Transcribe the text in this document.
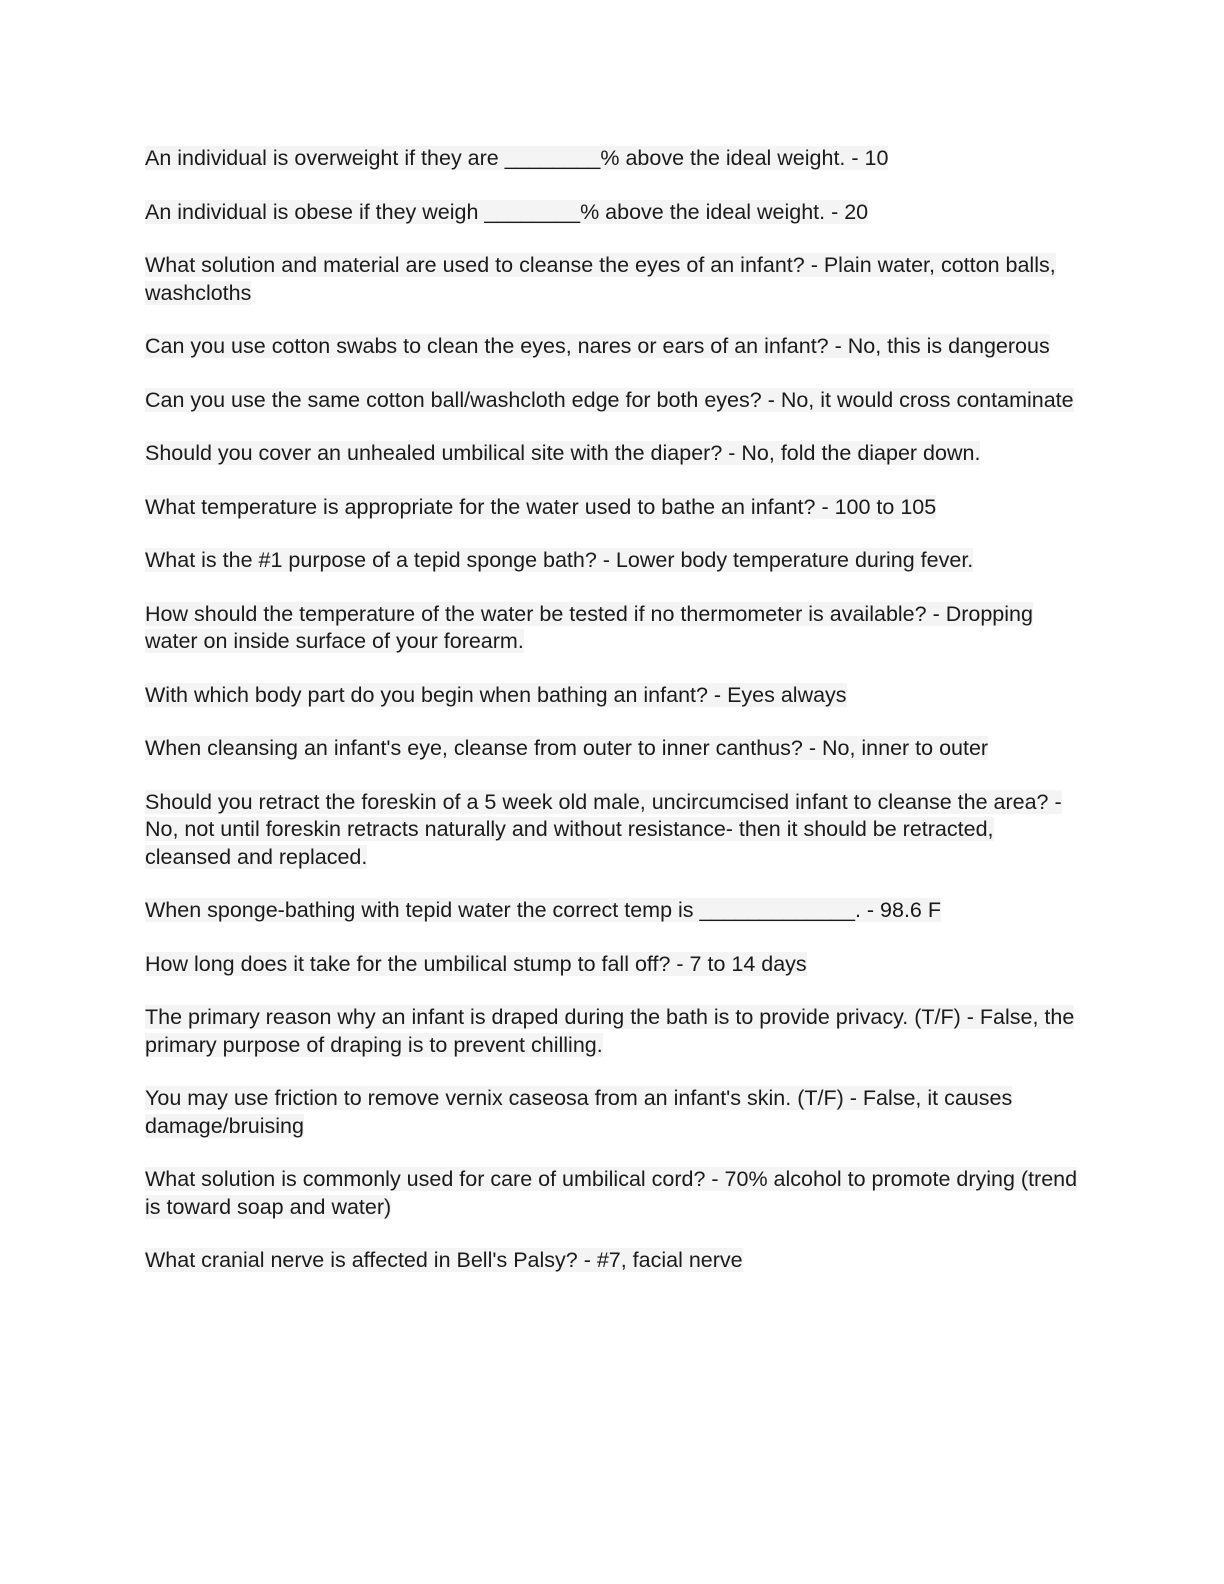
An individual is overweight if they are ________% above the ideal weight. - 10
An individual is obese if they weigh ________% above the ideal weight. - 20
What solution and material are used to cleanse the eyes of an infant? - Plain water, cotton balls, washcloths
Can you use cotton swabs to clean the eyes, nares or ears of an infant? - No, this is dangerous
Can you use the same cotton ball/washcloth edge for both eyes? - No, it would cross contaminate
Should you cover an unhealed umbilical site with the diaper? - No, fold the diaper down.
What temperature is appropriate for the water used to bathe an infant? - 100 to 105
What is the #1 purpose of a tepid sponge bath? - Lower body temperature during fever.
How should the temperature of the water be tested if no thermometer is available? - Dropping water on inside surface of your forearm.
With which body part do you begin when bathing an infant? - Eyes always
When cleansing an infant's eye, cleanse from outer to inner canthus? - No, inner to outer
Should you retract the foreskin of a 5 week old male, uncircumcised infant to cleanse the area? - No, not until foreskin retracts naturally and without resistance- then it should be retracted, cleansed and replaced.
When sponge-bathing with tepid water the correct temp is _____________. - 98.6 F
How long does it take for the umbilical stump to fall off? - 7 to 14 days
The primary reason why an infant is draped during the bath is to provide privacy. (T/F) - False, the primary purpose of draping is to prevent chilling.
You may use friction to remove vernix caseosa from an infant's skin. (T/F) - False, it causes damage/bruising
What solution is commonly used for care of umbilical cord? - 70% alcohol to promote drying (trend is toward soap and water)
What cranial nerve is affected in Bell's Palsy? - #7, facial nerve
